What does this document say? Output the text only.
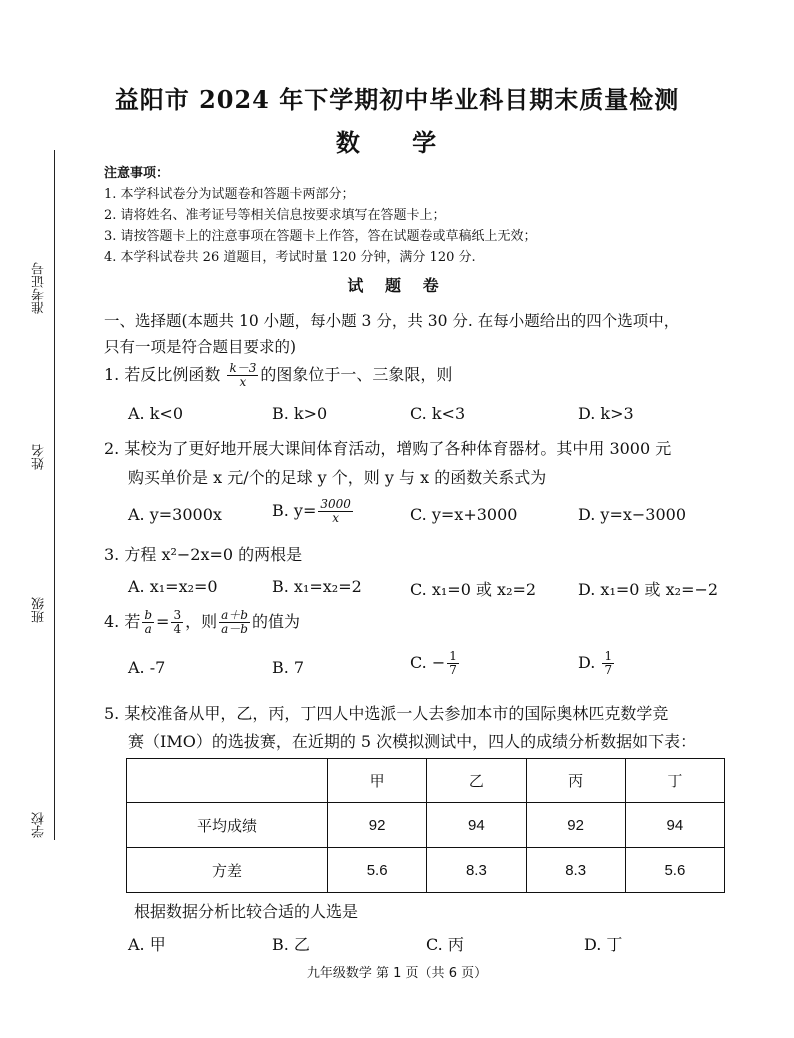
准考证号
姓名
班级
学校
益阳市 2024 年下学期初中毕业科目期末质量检测
数 学
注意事项：
1. 本学科试卷分为试题卷和答题卡两部分；
2. 请将姓名、准考证号等相关信息按要求填写在答题卡上；
3. 请按答题卡上的注意事项在答题卡上作答，答在试题卷或草稿纸上无效；
4. 本学科试卷共 26 道题目，考试时量 120 分钟，满分 120 分.
试 题 卷
一、选择题(本题共 10 小题，每小题 3 分，共 30 分. 在每小题给出的四个选项中，
只有一项是符合题目要求的)
1. 若反比例函数 $\frac{k-3}{x}$ 的图象位于一、三象限，则
A. k<0	B. k>0	C. k<3	D. k>3
2. 某校为了更好地开展大课间体育活动，增购了各种体育器材。其中用 3000 元
购买单价是 x 元/个的足球 y 个，则 y 与 x 的函数关系式为
A. y=3000x	B. $y= \frac{3000}{x}$	C. y=x+3000	D. y=x−3000
3. 方程 x²−2x=0 的两根是
A. x₁=x₂=0	B. x₁=x₂=2	C. x₁=0 或 x₂=2	D. x₁=0 或 x₂=−2
4. 若 $\frac{b}{a} = \frac{3}{4}$ ，则 $\frac{a+b}{a-b}$ 的值为
A. -7	B. 7	C. − $\frac{1}{7}$	D. $\frac{1}{7}$
5. 某校准备从甲，乙，丙，丁四人中选派一人去参加本市的国际奥林匹克数学竞
赛（IMO）的选拔赛，在近期的 5 次模拟测试中，四人的成绩分析数据如下表：
	甲	乙	丙	丁
平均成绩	92	94	92	94
方差	5.6	8.3	8.3	5.6
根据数据分析比较合适的人选是
A. 甲	B. 乙	C. 丙	D. 丁
九年级数学 第 1 页（共 6 页）
